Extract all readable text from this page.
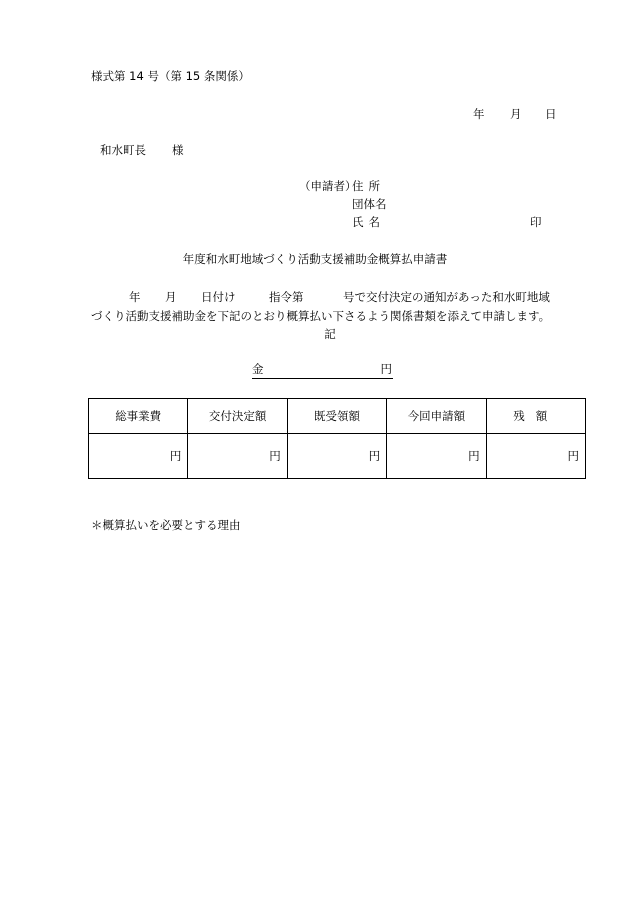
様式第 14 号（第 15 条関係）
年 月 日
和水町長 様
（申請者）
住所
団体名
氏名	印
年度和水町地域づくり活動支援補助金概算払申請書
年 月 日付け	指令第	号で交付決定の通知があった和水町地域
づくり活動支援補助金を下記のとおり概算払い下さるよう関係書類を添えて申請します。
記
金	円
総事業費	交付決定額	既受領額	今回申請額	残額
円	円	円	円	円
＊概算払いを必要とする理由
